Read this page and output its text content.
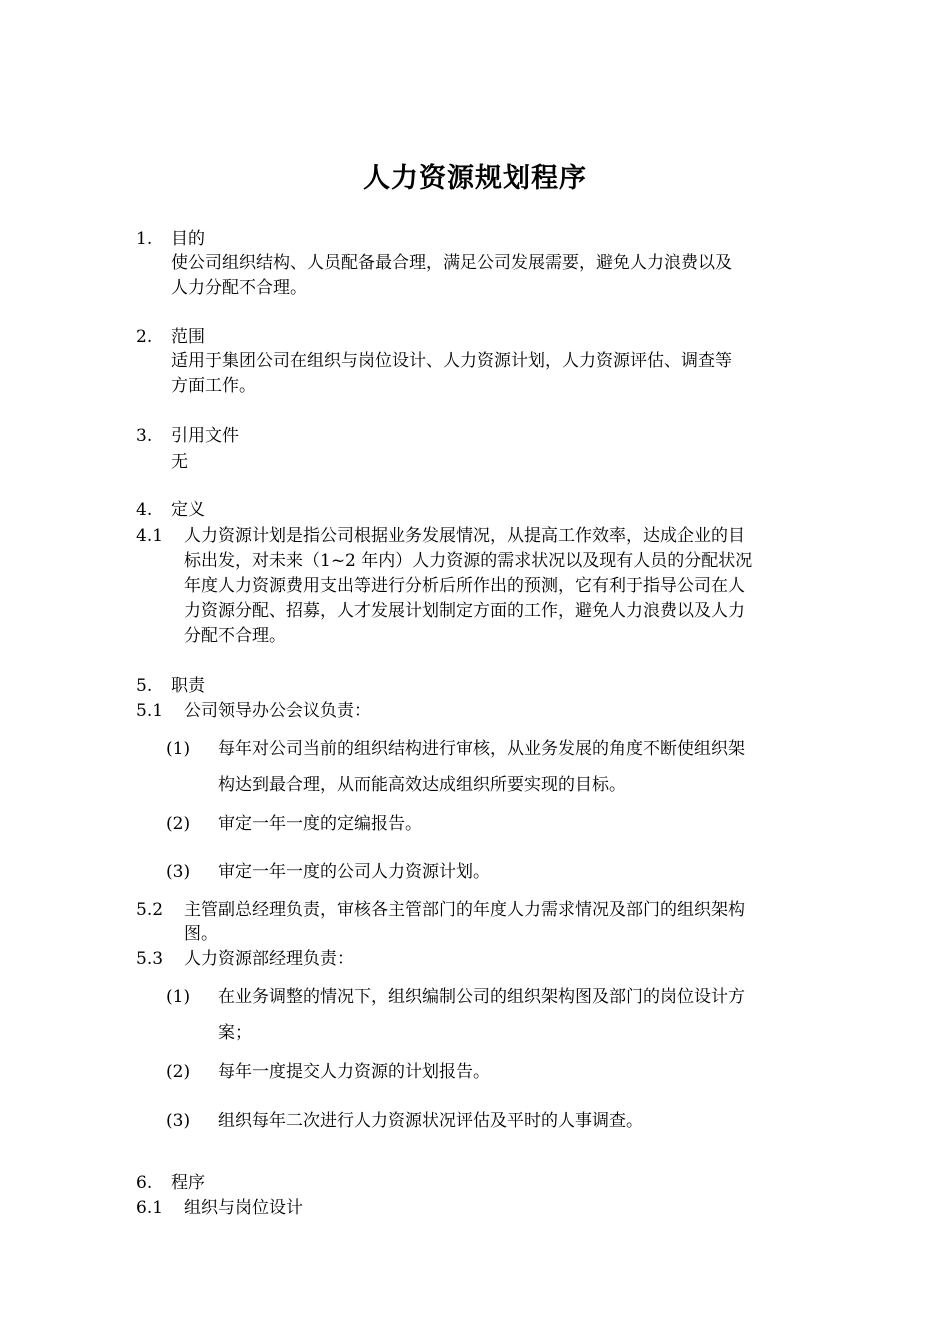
人力资源规划程序
1. 目的
使公司组织结构、人员配备最合理，满足公司发展需要，避免人力浪费以及
人力分配不合理。
2. 范围
适用于集团公司在组织与岗位设计、人力资源计划，人力资源评估、调查等
方面工作。
3. 引用文件
无
4. 定义
4.1 人力资源计划是指公司根据业务发展情况，从提高工作效率，达成企业的目
标出发，对未来（1~2 年内）人力资源的需求状况以及现有人员的分配状况
年度人力资源费用支出等进行分析后所作出的预测，它有利于指导公司在人
力资源分配、招募，人才发展计划制定方面的工作，避免人力浪费以及人力
分配不合理。
5. 职责
5.1 公司领导办公会议负责：
(1) 每年对公司当前的组织结构进行审核，从业务发展的角度不断使组织架
构达到最合理，从而能高效达成组织所要实现的目标。
(2) 审定一年一度的定编报告。
(3) 审定一年一度的公司人力资源计划。
5.2 主管副总经理负责，审核各主管部门的年度人力需求情况及部门的组织架构
图。
5.3 人力资源部经理负责：
(1) 在业务调整的情况下，组织编制公司的组织架构图及部门的岗位设计方
案；
(2) 每年一度提交人力资源的计划报告。
(3) 组织每年二次进行人力资源状况评估及平时的人事调查。
6. 程序
6.1 组织与岗位设计
